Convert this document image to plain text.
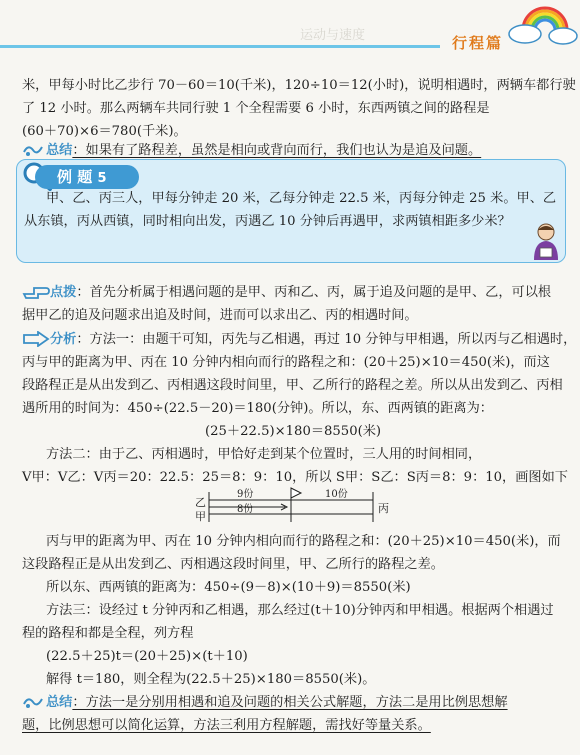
运动与速度	行程篇

米，甲每小时比乙步行 70－60＝10(千米)，120÷10＝12(小时)，说明相遇时，两辆车都行驶

了 12 小时。那么两辆车共同行驶 1 个全程需要 6 小时，东西两镇之间的路程是

(60＋70)×6＝780(千米)。

总结：如果有了路程差，虽然是相向或背向而行，我们也认为是追及问题。

例 题 5

甲、乙、丙三人，甲每分钟走 20 米，乙每分钟走 22.5 米，丙每分钟走 25 米。甲、乙

从东镇，丙从西镇，同时相向出发，丙遇乙 10 分钟后再遇甲，求两镇相距多少米？

点拨：首先分析属于相遇问题的是甲、丙和乙、丙，属于追及问题的是甲、乙，可以根

据甲乙的追及问题求出追及时间，进而可以求出乙、丙的相遇时间。

分析：方法一：由题干可知，丙先与乙相遇，再过 10 分钟与甲相遇，所以丙与乙相遇时，

丙与甲的距离为甲、丙在 10 分钟内相向而行的路程之和：(20＋25)×10＝450(米)，而这

段路程正是从出发到乙、丙相遇这段时间里，甲、乙所行的路程之差。所以从出发到乙、丙相

遇所用的时间为：450÷(22.5－20)＝180(分钟)。所以，东、西两镇的距离为：

(25＋22.5)×180＝8550(米)

方法二：由于乙、丙相遇时，甲恰好走到某个位置时，三人用的时间相同，

V甲：V乙：V丙＝20：22.5：25＝8：9：10，所以 S甲：S乙：S丙＝8：9：10，画图如下

9份
8份
10份
乙
甲
丙

丙与甲的距离为甲、丙在 10 分钟内相向而行的路程之和：(20＋25)×10＝450(米)，而

这段路程正是从出发到乙、丙相遇这段时间里，甲、乙所行的路程之差。

所以东、西两镇的距离为：450÷(9－8)×(10＋9)＝8550(米)

方法三：设经过 t 分钟丙和乙相遇，那么经过(t＋10)分钟丙和甲相遇。根据两个相遇过

程的路程和都是全程，列方程

(22.5＋25)t＝(20＋25)×(t＋10)

解得 t＝180，则全程为(22.5＋25)×180＝8550(米)。

总结：方法一是分别用相遇和追及问题的相关公式解题，方法二是用比例思想解

题，比例思想可以简化运算，方法三利用方程解题，需找好等量关系。
